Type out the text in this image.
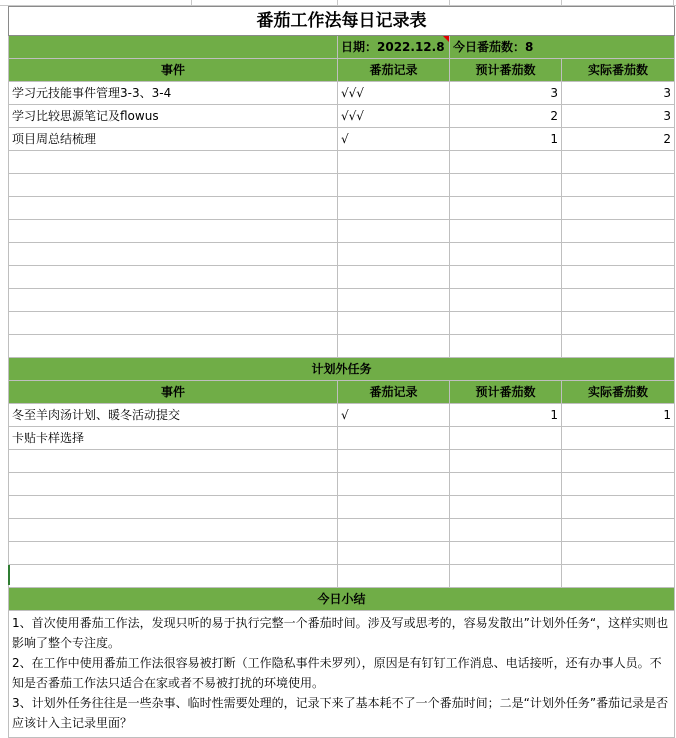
番茄工作法每日记录表			
	日期：2022.12.8	今日番茄数：8	
事件	番茄记录	预计番茄数	实际番茄数
学习元技能事件管理3-3、3-4	√√√	3	3
学习比较思源笔记及flowus	√√√	2	3
项目周总结梳理	√	1	2

计划外任务			
事件	番茄记录	预计番茄数	实际番茄数
冬至羊肉汤计划、暖冬活动提交	√	1	1
卡贴卡样选择			

今日小结			

1、首次使用番茄工作法，发现只听的易于执行完整一个番茄时间。涉及写或思考的，容易发散出”计划外任务“，这样实则也影响了整个专注度。
2、在工作中使用番茄工作法很容易被打断（工作隐私事件未罗列），原因是有钉钉工作消息、电话接听，还有办事人员。不知是否番茄工作法只适合在家或者不易被打扰的环境使用。
3、计划外任务往往是一些杂事、临时性需要处理的，记录下来了基本耗不了一个番茄时间；二是“计划外任务”番茄记录是否应该计入主记录里面？			
